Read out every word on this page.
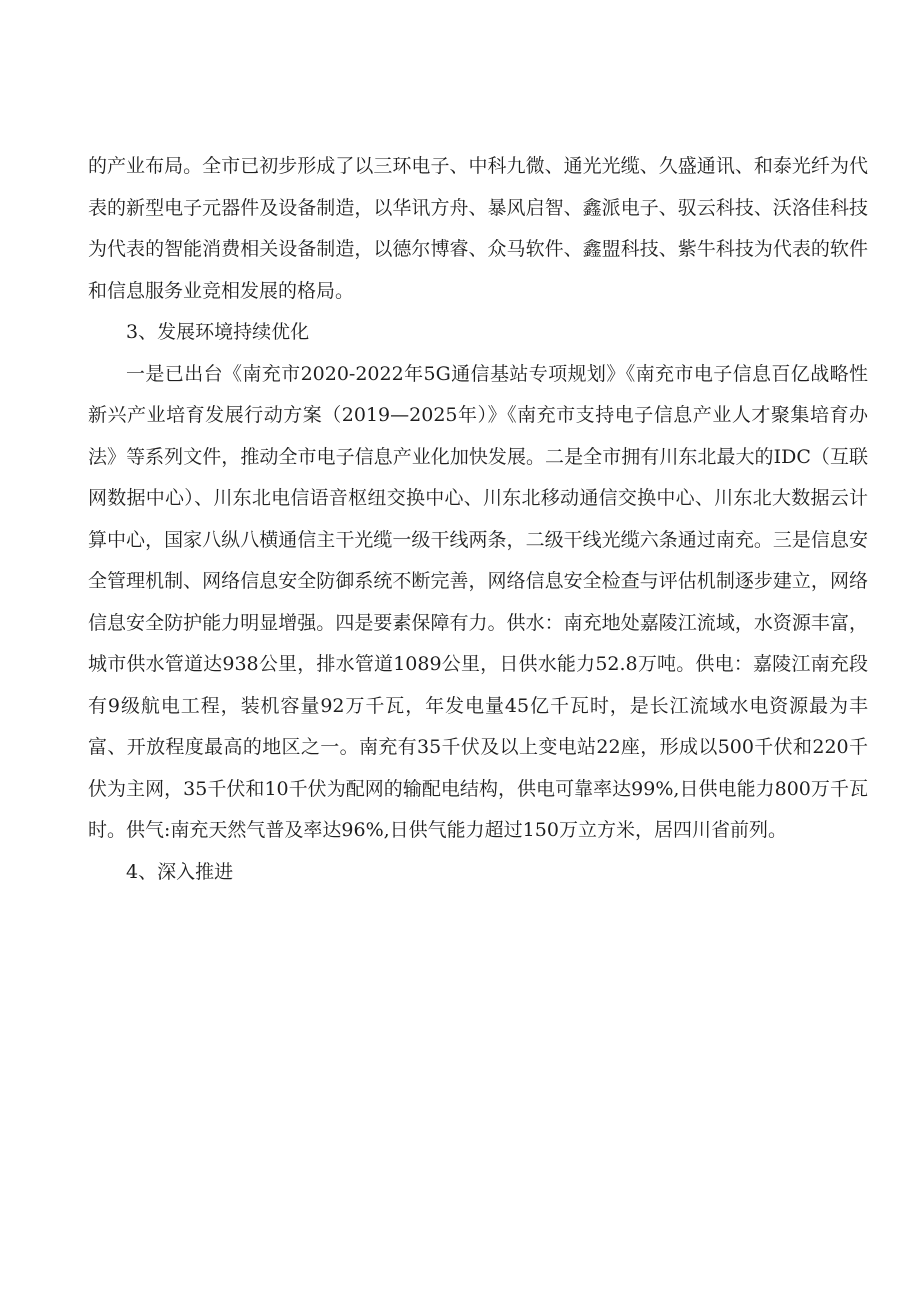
的产业布局。全市已初步形成了以三环电子、中科九微、通光光缆、久盛通讯、和泰光纤为代表的新型电子元器件及设备制造，以华讯方舟、暴风启智、鑫派电子、驭云科技、沃洛佳科技为代表的智能消费相关设备制造，以德尔博睿、众马软件、鑫盟科技、紫牛科技为代表的软件和信息服务业竞相发展的格局。

3、发展环境持续优化

一是已出台《南充市2020-2022年5G通信基站专项规划》《南充市电子信息百亿战略性新兴产业培育发展行动方案（2019—2025年）》《南充市支持电子信息产业人才聚集培育办法》等系列文件，推动全市电子信息产业化加快发展。二是全市拥有川东北最大的IDC（互联网数据中心）、川东北电信语音枢纽交换中心、川东北移动通信交换中心、川东北大数据云计算中心，国家八纵八横通信主干光缆一级干线两条，二级干线光缆六条通过南充。三是信息安全管理机制、网络信息安全防御系统不断完善，网络信息安全检查与评估机制逐步建立，网络信息安全防护能力明显增强。四是要素保障有力。供水：南充地处嘉陵江流域，水资源丰富，城市供水管道达938公里，排水管道1089公里，日供水能力52.8万吨。供电：嘉陵江南充段有9级航电工程，装机容量92万千瓦，年发电量45亿千瓦时，是长江流域水电资源最为丰富、开放程度最高的地区之一。南充有35千伏及以上变电站22座，形成以500千伏和220千伏为主网，35千伏和10千伏为配网的输配电结构，供电可靠率达99%,日供电能力800万千瓦时。供气:南充天然气普及率达96%,日供气能力超过150万立方米，居四川省前列。

4、深入推进
